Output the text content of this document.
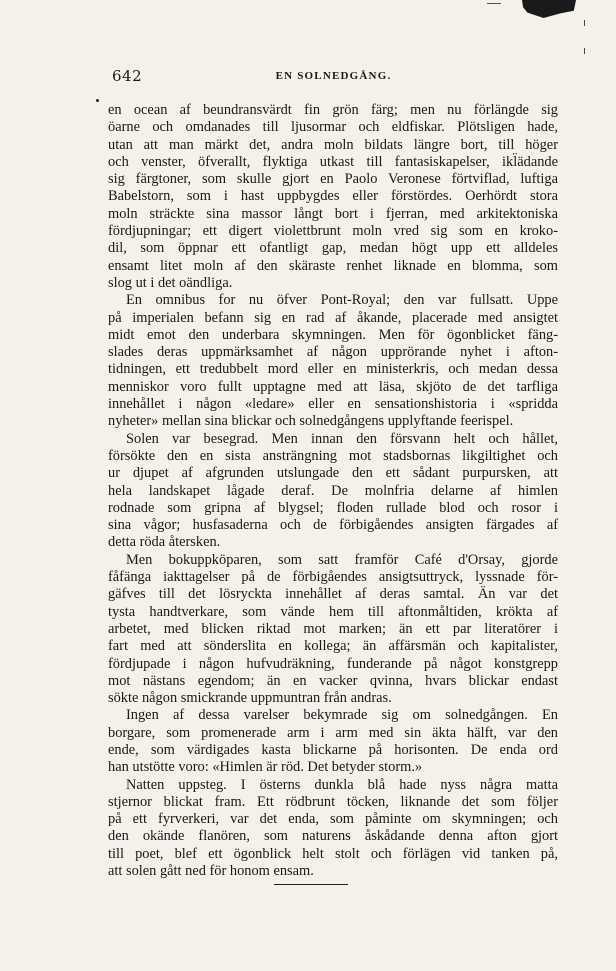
642	EN SOLNEDGÅNG.
en ocean af beundransvärdt fin grön färg; men nu förlängde sig
öarne och omdanades till ljusormar och eldfiskar. Plötsligen hade,
utan att man märkt det, andra moln bildats längre bort, till höger
och venster, öfverallt, flyktiga utkast till fantasiskapelser, ikl̈ädande
sig färgtoner, som skulle gjort en Paolo Veronese förtviflad, luftiga
Babelstorn, som i hast uppbygdes eller förstördes. Oerhördt stora
moln sträckte sina massor långt bort i fjerran, med arkitektoniska
fördjupningar; ett digert violettbrunt moln vred sig som en kroko-
dil, som öppnar ett ofantligt gap, medan högt upp ett alldeles
ensamt litet moln af den skäraste renhet liknade en blomma, som
slog ut i det oändliga.
En omnibus for nu öfver Pont-Royal; den var fullsatt. Uppe
på imperialen befann sig en rad af åkande, placerade med ansigtet
midt emot den underbara skymningen. Men för ögonblicket fäng-
slades deras uppmärksamhet af någon upprörande nyhet i afton-
tidningen, ett tredubbelt mord eller en ministerkris, och medan dessa
menniskor voro fullt upptagne med att läsa, skjöto de det tarfliga
innehållet i någon «ledare» eller en sensationshistoria i «spridda
nyheter» mellan sina blickar och solnedgångens upplyftande feerispel.
Solen var besegrad. Men innan den försvann helt och hållet,
försökte den en sista ansträngning mot stadsbornas likgiltighet och
ur djupet af afgrunden utslungade den ett sådant purpursken, att
hela landskapet lågade deraf. De molnfria delarne af himlen
rodnade som gripna af blygsel; floden rullade blod och rosor i
sina vågor; husfasaderna och de förbigåendes ansigten färgades af
detta röda återsken.
Men bokuppköparen, som satt framför Café d'Orsay, gjorde
fåfänga iakttagelser på de förbigåendes ansigtsuttryck, lyssnade för-
gäfves till det lösryckta innehållet af deras samtal. Än var det
tysta handtverkare, som vände hem till aftonmåltiden, krökta af
arbetet, med blicken riktad mot marken; än ett par literatörer i
fart med att sönderslita en kollega; än affärsmän och kapitalister,
fördjupade i någon hufvudräkning, funderande på något konstgrepp
mot nästans egendom; än en vacker qvinna, hvars blickar endast
sökte någon smickrande uppmuntran från andras.
Ingen af dessa varelser bekymrade sig om solnedgången. En
borgare, som promenerade arm i arm med sin äkta hälft, var den
ende, som värdigades kasta blickarne på horisonten. De enda ord
han utstötte voro: «Himlen är röd. Det betyder storm.»
Natten uppsteg. I österns dunkla blå hade nyss några matta
stjernor blickat fram. Ett rödbrunt töcken, liknande det som följer
på ett fyrverkeri, var det enda, som påminte om skymningen; och
den okände flanören, som naturens åskådande denna afton gjort
till poet, blef ett ögonblick helt stolt och förlägen vid tanken på,
att solen gått ned för honom ensam.
